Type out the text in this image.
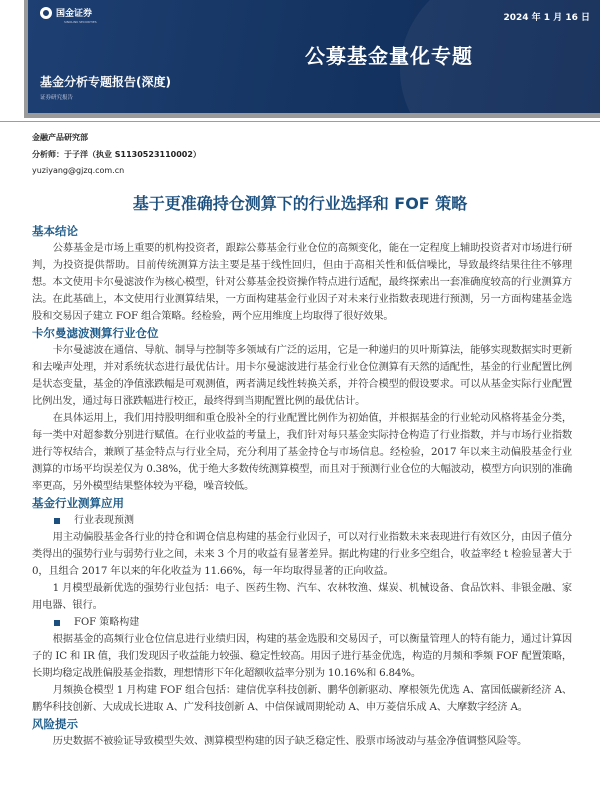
国金证券
SINOLINK SECURITIES	2024 年 1 月 16 日
公募基金量化专题
基金分析专题报告(深度)
证券研究报告
金融产品研究部
分析师：于子洋（执业 S1130523110002）
yuziyang@gjzq.com.cn
基于更准确持仓测算下的行业选择和 FOF 策略
基本结论

公募基金是市场上重要的机构投资者，跟踪公募基金行业仓位的高频变化，能在一定程度上辅助投资者对市场进行研判，为投资提供帮助。目前传统测算方法主要是基于线性回归，但由于高相关性和低信噪比，导致最终结果往往不够理想。本文使用卡尔曼滤波作为核心模型，针对公募基金投资操作特点进行适配，最终探索出一套准确度较高的行业测算方法。在此基础上，本文使用行业测算结果，一方面构建基金行业因子对未来行业指数表现进行预测，另一方面构建基金选股和交易因子建立 FOF 组合策略。经检验，两个应用维度上均取得了很好效果。

卡尔曼滤波测算行业仓位

卡尔曼滤波在通信、导航、制导与控制等多领域有广泛的运用，它是一种递归的贝叶斯算法，能够实现数据实时更新和去噪声处理，并对系统状态进行最优估计。用卡尔曼滤波进行基金行业仓位测算有天然的适配性，基金的行业配置比例是状态变量，基金的净值涨跌幅是可观测值，两者满足线性转换关系，并符合模型的假设要求。可以从基金实际行业配置比例出发，通过每日涨跌幅进行校正，最终得到当期配置比例的最优估计。

在具体运用上，我们用持股明细和重仓股补全的行业配置比例作为初始值，并根据基金的行业轮动风格将基金分类，每一类中对超参数分别进行赋值。在行业收益的考量上，我们针对每只基金实际持仓构造了行业指数，并与市场行业指数进行等权结合，兼顾了基金特点与行业全局，充分利用了基金持仓与市场信息。经检验，2017 年以来主动偏股基金行业测算的市场平均误差仅为 0.38%，优于绝大多数传统测算模型，而且对于预测行业仓位的大幅波动，模型方向识别的准确率更高，另外模型结果整体较为平稳，噪音较低。

基金行业测算应用
行业表现预测

用主动偏股基金各行业的持仓和调仓信息构建的基金行业因子，可以对行业指数未来表现进行有效区分，由因子值分类得出的强势行业与弱势行业之间，未来 3 个月的收益有显著差异。据此构建的行业多空组合，收益率经 t 检验显著大于 0，且组合 2017 年以来的年化收益为 11.66%，每一年均取得显著的正向收益。

1 月模型最新优选的强势行业包括：电子、医药生物、汽车、农林牧渔、煤炭、机械设备、食品饮料、非银金融、家用电器、银行。

FOF 策略构建

根据基金的高频行业仓位信息进行业绩归因，构建的基金选股和交易因子，可以衡量管理人的特有能力，通过计算因子的 IC 和 IR 值，我们发现因子收益能力较强、稳定性较高。用因子进行基金优选，构造的月频和季频 FOF 配置策略，长期均稳定战胜偏股基金指数，理想情形下年化超额收益率分别为 10.16%和 6.84%。

月频换仓模型 1 月构建 FOF 组合包括：建信优享科技创新、鹏华创新驱动、摩根领先优选 A、富国低碳新经济 A、鹏华科技创新、大成成长进取 A、广发科技创新 A、中信保诚周期轮动 A、申万菱信乐成 A、大摩数字经济 A。

风险提示

历史数据不被验证导致模型失效、测算模型构建的因子缺乏稳定性、股票市场波动与基金净值调整风险等。
